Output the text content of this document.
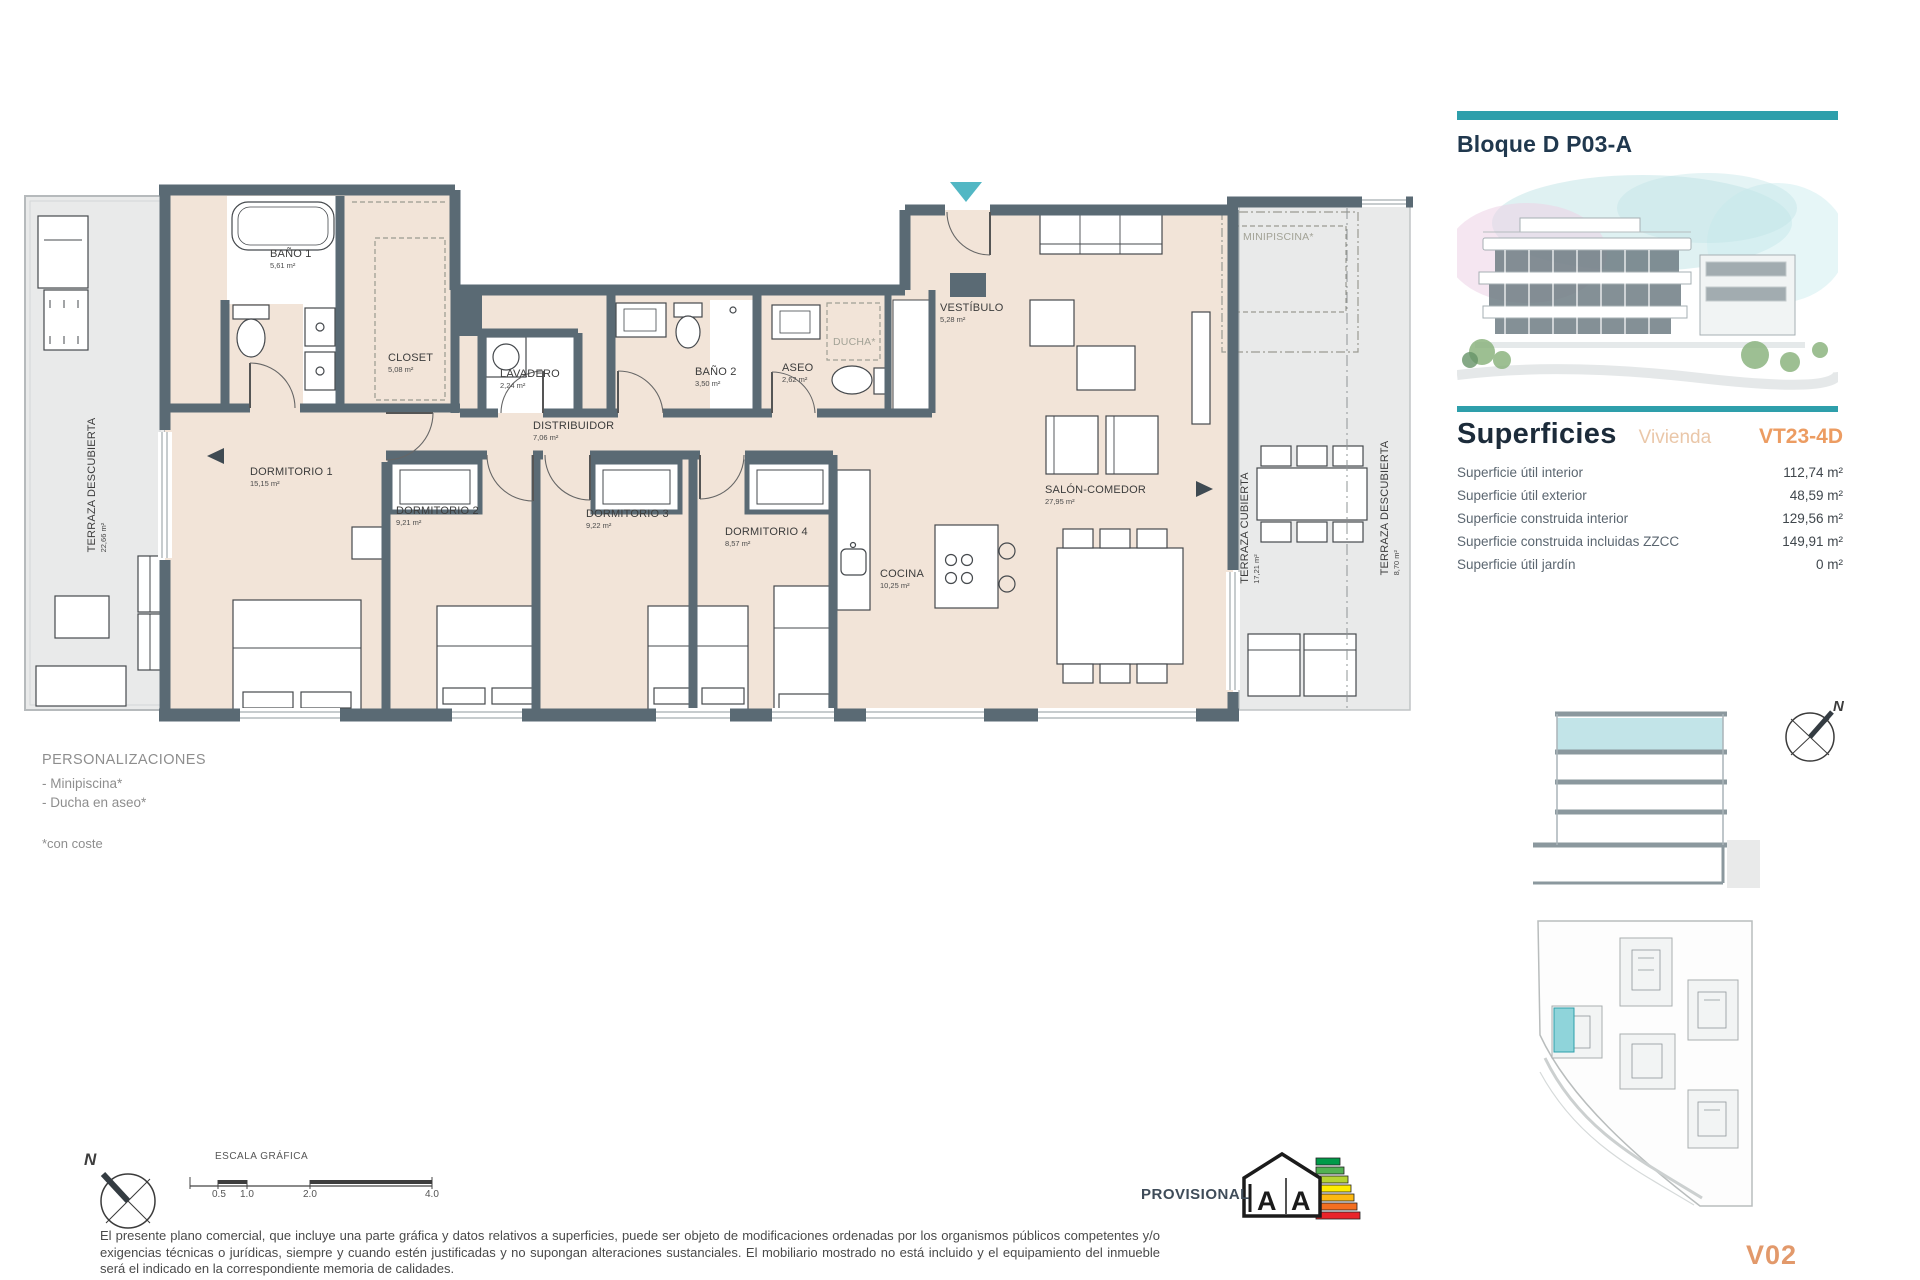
A A
TERRAZA DESCUBIERTA 22,66 m²
BAÑO 1
5,61 m²
CLOSET
5,08 m²	LAVADERO
2,24 m²
BAÑO 2
3,50 m²
ASEO
2,62 m²
DUCHA*
VESTÍBULO
5,28 m²
DISTRIBUIDOR
7,06 m²
DORMITORIO 1
15,15 m²
DORMITORIO 2
9,21 m²
DORMITORIO 3
9,22 m²
DORMITORIO 4
8,57 m²
COCINA
10,25 m²
SALÓN-COMEDOR
27,95 m²
MINIPISCINA*
TERRAZA CUBIERTA 17,21 m²	TERRAZA DESCUBIERTA 8,70 m²
PERSONALIZACIONES
- Minipiscina*
- Ducha en aseo*
*con coste
Bloque D P03-A
Superficies Vivienda VT23-4D
Superficie útil interior	112,74 m²
Superficie útil exterior	48,59 m²
Superficie construida interior	129,56 m²
Superficie construida incluidas ZZCC	149,91 m²
Superficie útil jardín	0 m²
V02
ESCALA GRÁFICA
0.5 1.0	2.0	4.0
N
N
PROVISIONAL
El presente plano comercial, que incluye una parte gráfica y datos relativos a superficies, puede ser objeto de modificaciones ordenadas por los organismos públicos competentes y/o exigencias técnicas o jurídicas, siempre y cuando estén justificadas y no supongan alteraciones sustanciales. El mobiliario mostrado no está incluido y el equipamiento del inmueble será el indicado en la correspondiente memoria de calidades.
